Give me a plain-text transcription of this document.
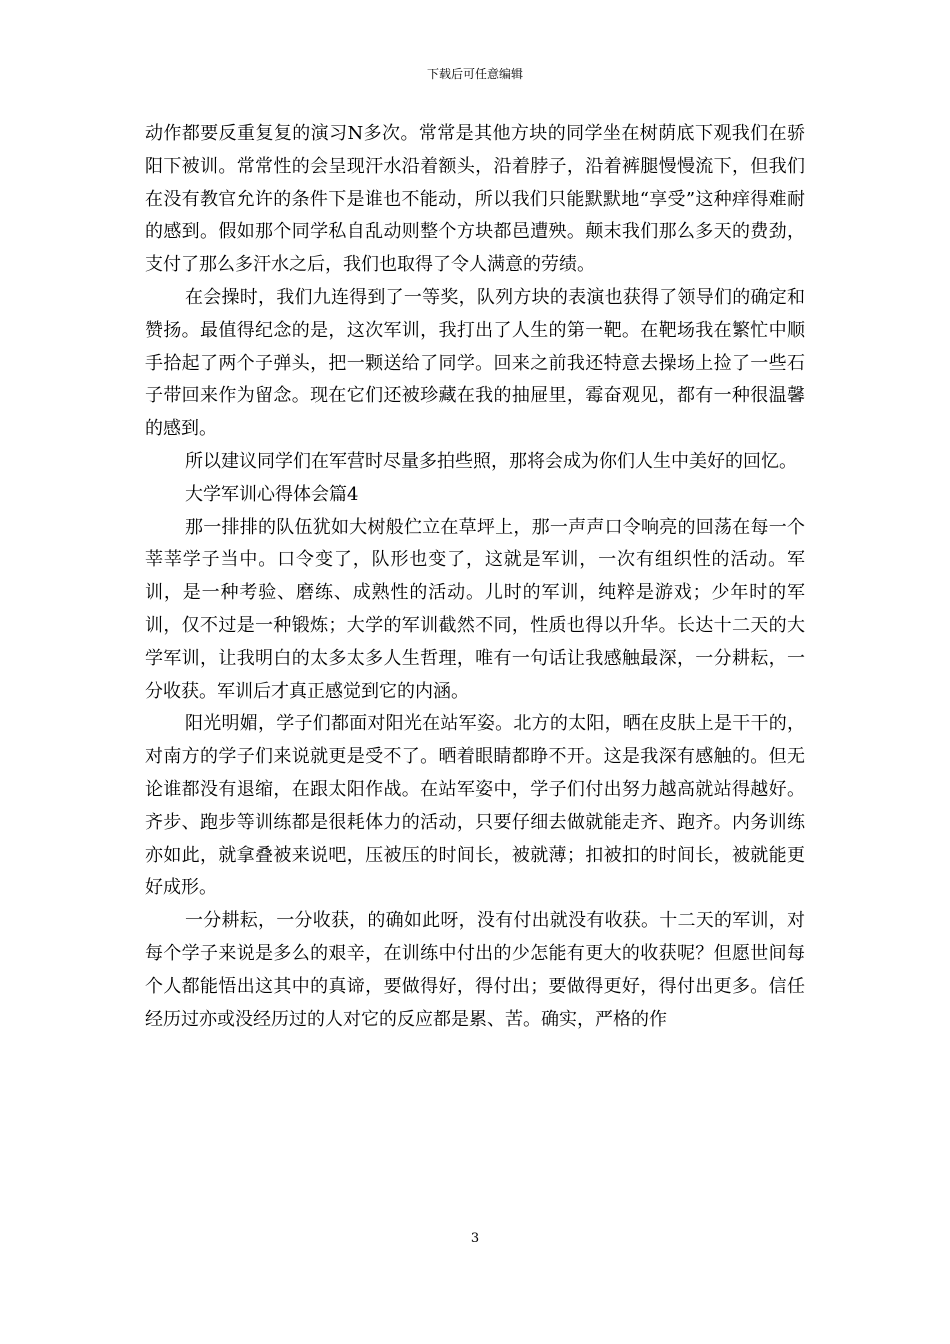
下载后可任意编辑

动作都要反重复复的演习N多次。常常是其他方块的同学坐在树荫底下观我们在骄阳下被训。常常性的会呈现汗水沿着额头，沿着脖子，沿着裤腿慢慢流下，但我们在没有教官允许的条件下是谁也不能动，所以我们只能默默地“享受”这种痒得难耐的感到。假如那个同学私自乱动则整个方块都邑遭殃。颠末我们那么多天的费劲，支付了那么多汗水之后，我们也取得了令人满意的劳绩。

在会操时，我们九连得到了一等奖，队列方块的表演也获得了领导们的确定和赞扬。最值得纪念的是，这次军训，我打出了人生的第一靶。在靶场我在繁忙中顺手拾起了两个子弹头，把一颗送给了同学。回来之前我还特意去操场上捡了一些石子带回来作为留念。现在它们还被珍藏在我的抽屉里，霉奋观见，都有一种很温馨的感到。

所以建议同学们在军营时尽量多拍些照，那将会成为你们人生中美好的回忆。

大学军训心得体会篇4

那一排排的队伍犹如大树般伫立在草坪上，那一声声口令响亮的回荡在每一个莘莘学子当中。口令变了，队形也变了，这就是军训，一次有组织性的活动。军训，是一种考验、磨练、成熟性的活动。儿时的军训，纯粹是游戏；少年时的军训，仅不过是一种锻炼；大学的军训截然不同，性质也得以升华。长达十二天的大学军训，让我明白的太多太多人生哲理，唯有一句话让我感触最深，一分耕耘，一分收获。军训后才真正感觉到它的内涵。

阳光明媚，学子们都面对阳光在站军姿。北方的太阳，晒在皮肤上是干干的，对南方的学子们来说就更是受不了。晒着眼睛都睁不开。这是我深有感触的。但无论谁都没有退缩，在跟太阳作战。在站军姿中，学子们付出努力越高就站得越好。齐步、跑步等训练都是很耗体力的活动，只要仔细去做就能走齐、跑齐。内务训练亦如此，就拿叠被来说吧，压被压的时间长，被就薄；扣被扣的时间长，被就能更好成形。

一分耕耘，一分收获，的确如此呀，没有付出就没有收获。十二天的军训，对每个学子来说是多么的艰辛，在训练中付出的少怎能有更大的收获呢？但愿世间每个人都能悟出这其中的真谛，要做得好，得付出；要做得更好，得付出更多。信任经历过亦或没经历过的人对它的反应都是累、苦。确实，严格的作

3
